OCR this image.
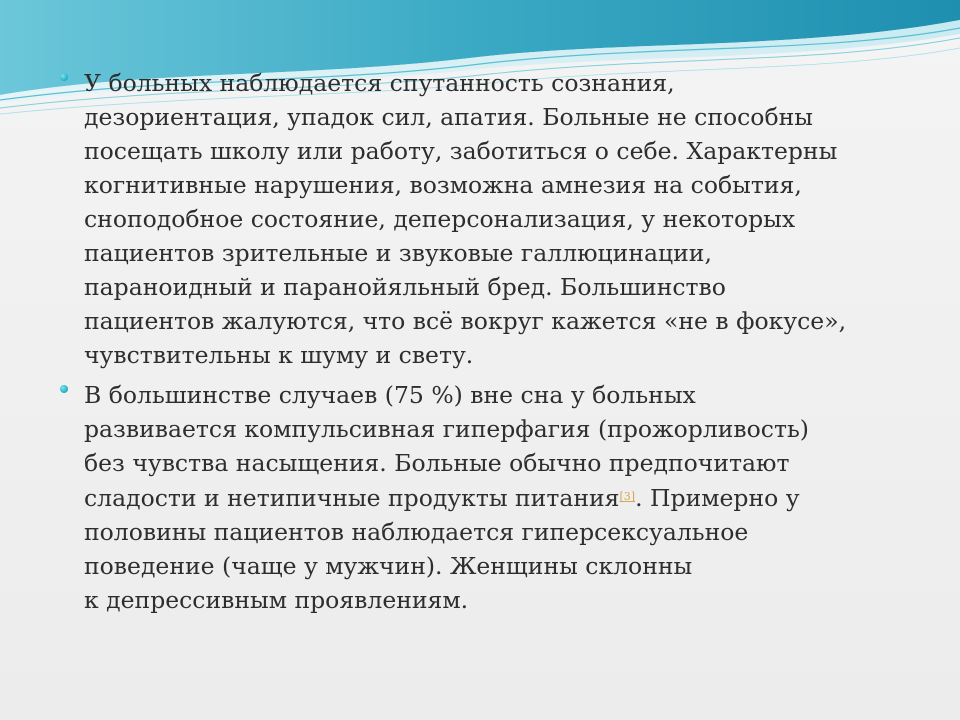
У больных наблюдается спутанность сознания,
дезориентация, упадок сил, апатия. Больные не способны
посещать школу или работу, заботиться о себе. Характерны
когнитивные нарушения, возможна амнезия на события,
сноподобное состояние, деперсонализация, у некоторых
пациентов зрительные и звуковые галлюцинации,
параноидный и паранойяльный бред. Большинство
пациентов жалуются, что всё вокруг кажется «не в фокусе»,
чувствительны к шуму и свету.
В большинстве случаев (75 %) вне сна у больных
развивается компульсивная гиперфагия (прожорливость)
без чувства насыщения. Больные обычно предпочитают
сладости и нетипичные продукты питания[3]. Примерно у
половины пациентов наблюдается гиперсексуальное
поведение (чаще у мужчин). Женщины склонны
к депрессивным проявлениям.
